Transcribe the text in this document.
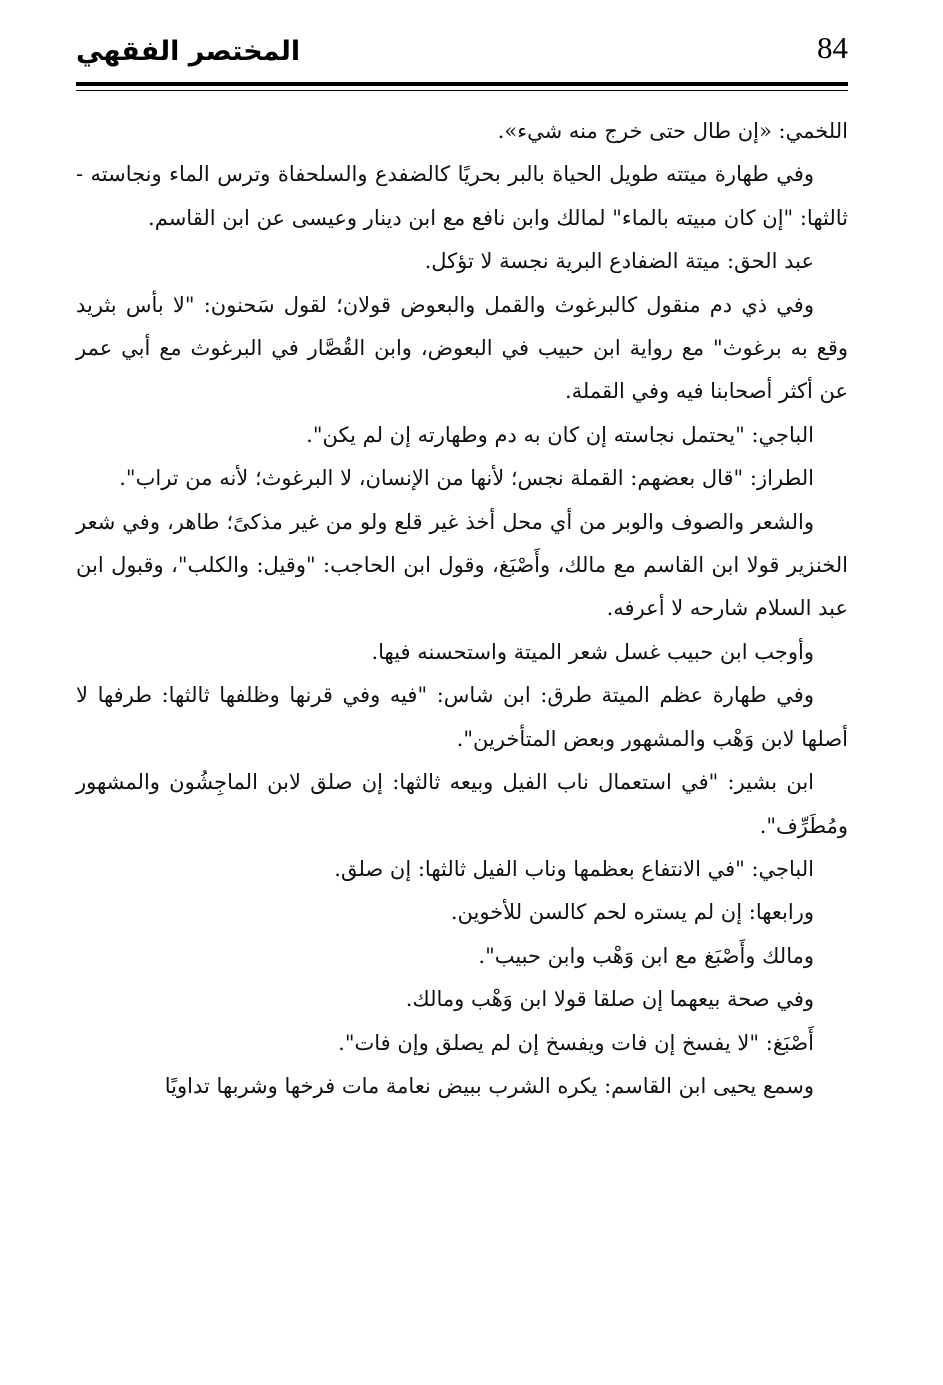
المختصر الفقهي	84

اللخمي: «إن طال حتى خرج منه شيء».

وفي طهارة ميتته طويل الحياة بالبر بحريًا كالضفدع والسلحفاة وترس الماء ونجاسته - ثالثها: "إن كان مبيته بالماء" لمالك وابن نافع مع ابن دينار وعيسى عن ابن القاسم.

عبد الحق: ميتة الضفادع البرية نجسة لا تؤكل.

وفي ذي دم منقول كالبرغوث والقمل والبعوض قولان؛ لقول سَحنون: "لا بأس بثريد وقع به برغوث" مع رواية ابن حبيب في البعوض، وابن القُصَّار في البرغوث مع أبي عمر عن أكثر أصحابنا فيه وفي القملة.

الباجي: "يحتمل نجاسته إن كان به دم وطهارته إن لم يكن".

الطراز: "قال بعضهم: القملة نجس؛ لأنها من الإنسان، لا البرغوث؛ لأنه من تراب".

والشعر والصوف والوبر من أي محل أخذ غير قلع ولو من غير مذكىً؛ طاهر، وفي شعر الخنزير قولا ابن القاسم مع مالك، وأَصْبَغ، وقول ابن الحاجب: "وقيل: والكلب"، وقبول ابن عبد السلام شارحه لا أعرفه.

وأوجب ابن حبيب غسل شعر الميتة واستحسنه فيها.

وفي طهارة عظم الميتة طرق: ابن شاس: "فيه وفي قرنها وظلفها ثالثها: طرفها لا أصلها لابن وَهْب والمشهور وبعض المتأخرين".

ابن بشير: "في استعمال ناب الفيل وبيعه ثالثها: إن صلق لابن الماجِشُون والمشهور ومُطَرِّف".

الباجي: "في الانتفاع بعظمها وناب الفيل ثالثها: إن صلق.

ورابعها: إن لم يستره لحم كالسن للأخوين.

ومالك وأَصْبَغ مع ابن وَهْب وابن حبيب".

وفي صحة بيعهما إن صلقا قولا ابن وَهْب ومالك.

أَصْبَغ: "لا يفسخ إن فات ويفسخ إن لم يصلق وإن فات".

وسمع يحيى ابن القاسم: يكره الشرب ببيض نعامة مات فرخها وشربها تداويًا
